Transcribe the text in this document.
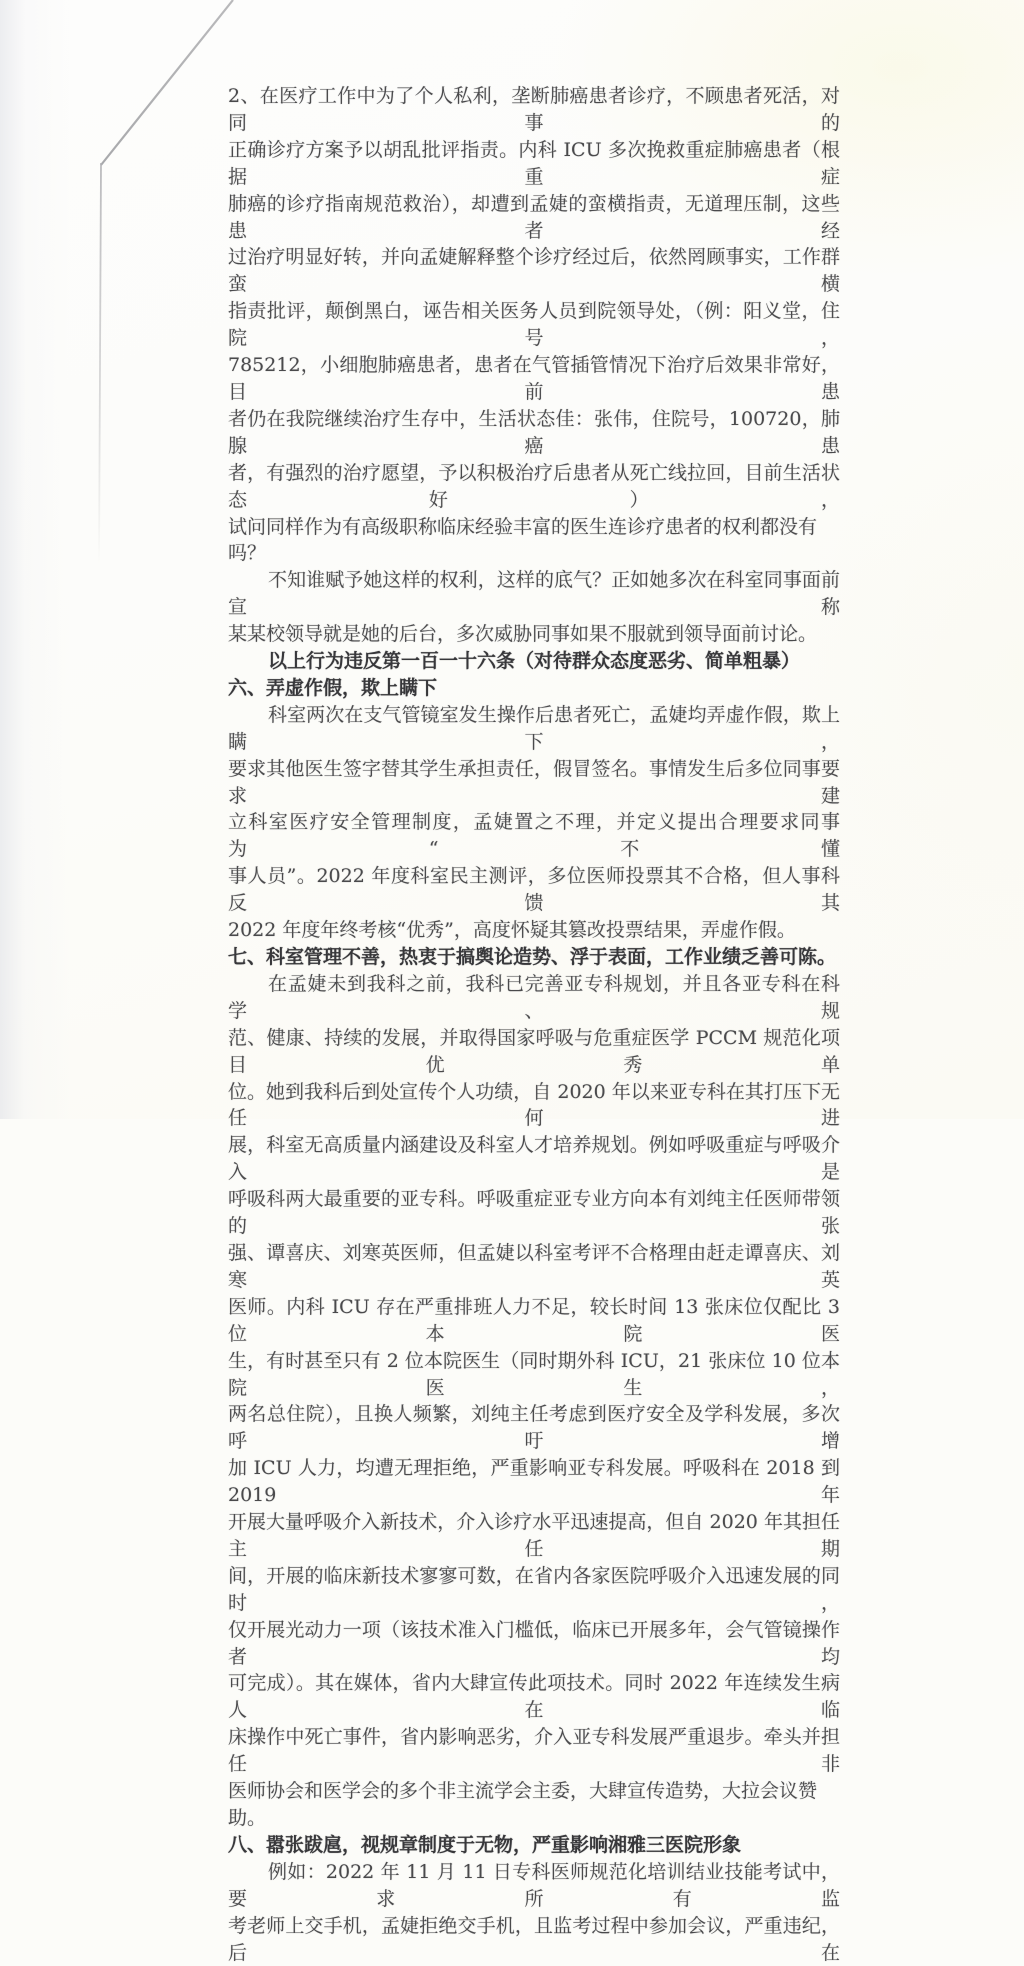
2、在医疗工作中为了个人私利，垄断肺癌患者诊疗，不顾患者死活，对同事的
正确诊疗方案予以胡乱批评指责。内科 ICU 多次挽救重症肺癌患者（根据重症
肺癌的诊疗指南规范救治），却遭到孟婕的蛮横指责，无道理压制，这些患者经
过治疗明显好转，并向孟婕解释整个诊疗经过后，依然罔顾事实，工作群蛮横
指责批评，颠倒黑白，诬告相关医务人员到院领导处，（例：阳义堂，住院号，
785212，小细胞肺癌患者，患者在气管插管情况下治疗后效果非常好，目前患
者仍在我院继续治疗生存中，生活状态佳：张伟，住院号，100720，肺腺癌患
者，有强烈的治疗愿望，予以积极治疗后患者从死亡线拉回，目前生活状态好），
试问同样作为有高级职称临床经验丰富的医生连诊疗患者的权利都没有吗？
不知谁赋予她这样的权利，这样的底气？正如她多次在科室同事面前宣称
某某校领导就是她的后台，多次威胁同事如果不服就到领导面前讨论。
以上行为违反第一百一十六条（对待群众态度恶劣、简单粗暴）
六、弄虚作假，欺上瞒下
科室两次在支气管镜室发生操作后患者死亡，孟婕均弄虚作假，欺上瞒下，
要求其他医生签字替其学生承担责任，假冒签名。事情发生后多位同事要求建
立科室医疗安全管理制度，孟婕置之不理，并定义提出合理要求同事为“不懂
事人员”。2022 年度科室民主测评，多位医师投票其不合格，但人事科反馈其
2022 年度年终考核“优秀”，高度怀疑其篡改投票结果，弄虚作假。
七、科室管理不善，热衷于搞舆论造势、浮于表面，工作业绩乏善可陈。
在孟婕未到我科之前，我科已完善亚专科规划，并且各亚专科在科学、规
范、健康、持续的发展，并取得国家呼吸与危重症医学 PCCM 规范化项目优秀单
位。她到我科后到处宣传个人功绩，自 2020 年以来亚专科在其打压下无任何进
展，科室无高质量内涵建设及科室人才培养规划。例如呼吸重症与呼吸介入是
呼吸科两大最重要的亚专科。呼吸重症亚专业方向本有刘纯主任医师带领的张
强、谭喜庆、刘寒英医师，但孟婕以科室考评不合格理由赶走谭喜庆、刘寒英
医师。内科 ICU 存在严重排班人力不足，较长时间 13 张床位仅配比 3 位本院医
生，有时甚至只有 2 位本院医生（同时期外科 ICU，21 张床位 10 位本院医生，
两名总住院），且换人频繁，刘纯主任考虑到医疗安全及学科发展，多次呼吁增
加 ICU 人力，均遭无理拒绝，严重影响亚专科发展。呼吸科在 2018 到 2019 年
开展大量呼吸介入新技术，介入诊疗水平迅速提高，但自 2020 年其担任主任期
间，开展的临床新技术寥寥可数，在省内各家医院呼吸介入迅速发展的同时，
仅开展光动力一项（该技术准入门槛低，临床已开展多年，会气管镜操作者均
可完成）。其在媒体，省内大肆宣传此项技术。同时 2022 年连续发生病人在临
床操作中死亡事件，省内影响恶劣，介入亚专科发展严重退步。牵头并担任非
医师协会和医学会的多个非主流学会主委，大肆宣传造势，大拉会议赞助。
八、嚣张跋扈，视规章制度于无物，严重影响湘雅三医院形象
例如：2022 年 11 月 11 日专科医师规范化培训结业技能考试中，要求所有监
考老师上交手机，孟婕拒绝交手机，且监考过程中参加会议，严重违纪，后在
